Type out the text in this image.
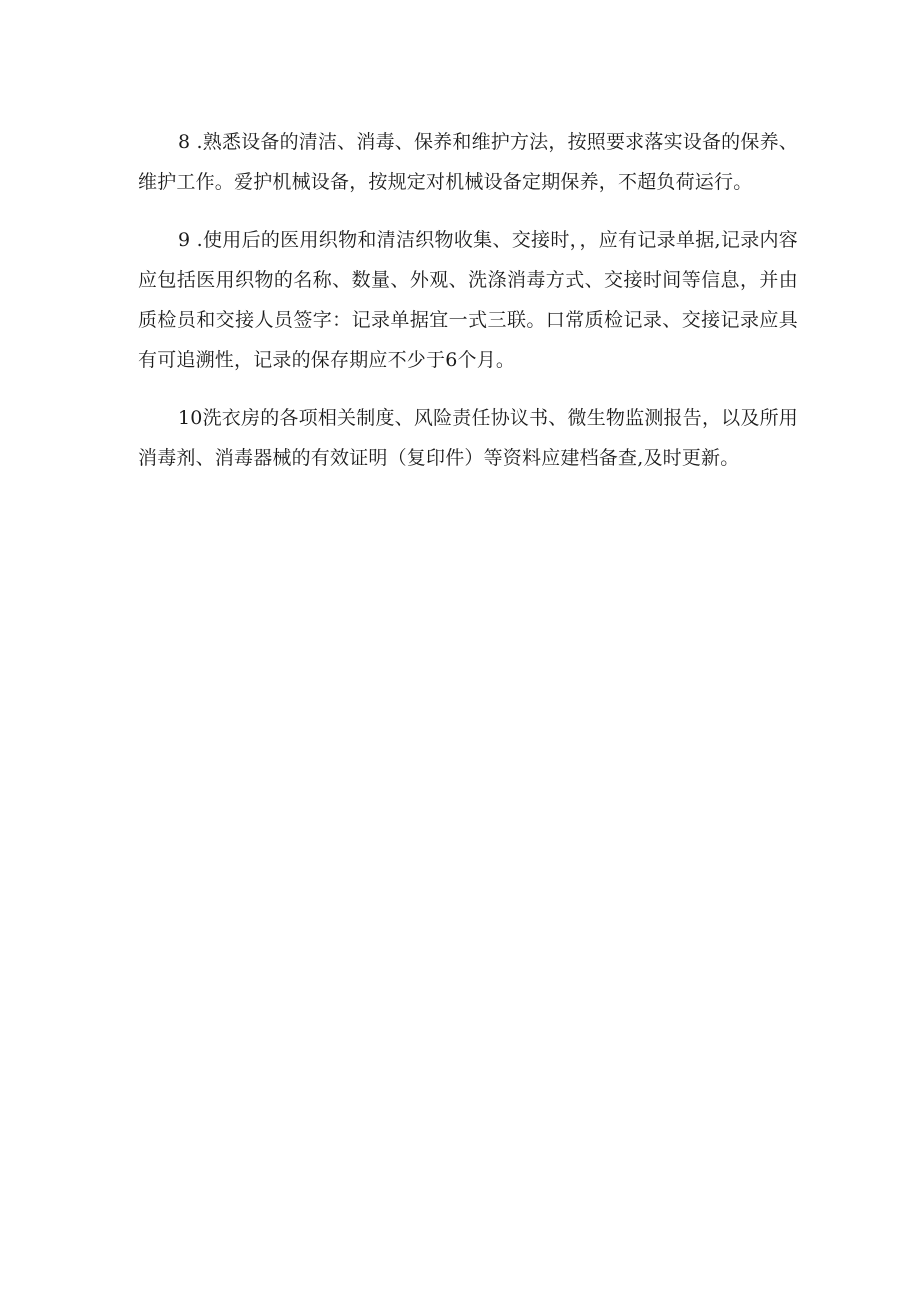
8 .熟悉设备的清洁、消毒、保养和维护方法，按照要求落实设备的保养、维护工作。爱护机械设备，按规定对机械设备定期保养，不超负荷运行。

9 .使用后的医用织物和清洁织物收集、交接时，，应有记录单据,记录内容应包括医用织物的名称、数量、外观、洗涤消毒方式、交接时间等信息，并由质检员和交接人员签字：记录单据宜一式三联。口常质检记录、交接记录应具有可追溯性，记录的保存期应不少于6个月。

10洗衣房的各项相关制度、风险责任协议书、微生物监测报告，以及所用消毒剂、消毒器械的有效证明（复印件）等资料应建档备查,及时更新。
